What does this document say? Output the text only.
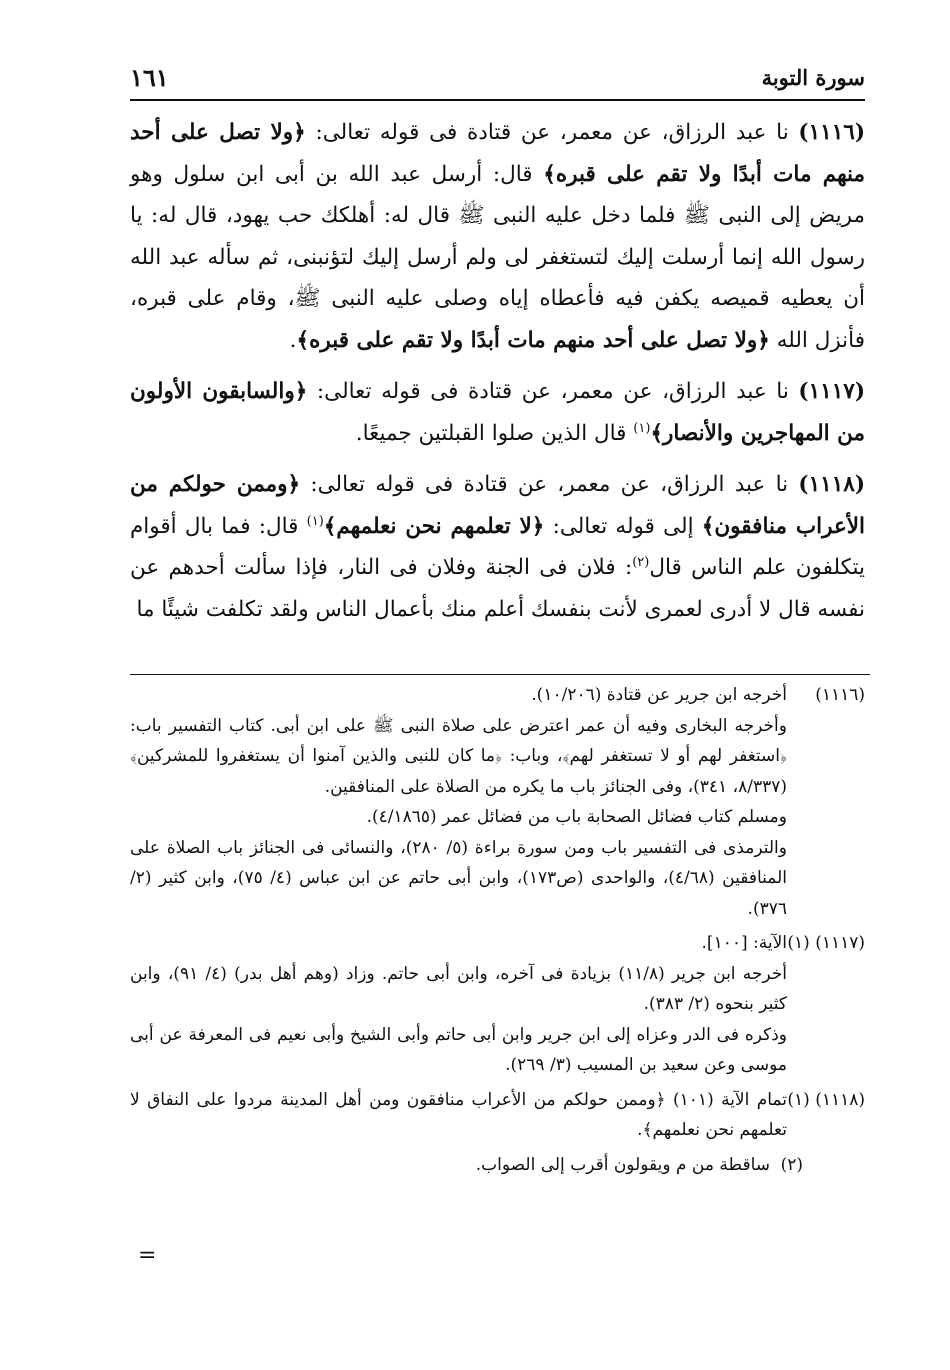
سورة التوبة
١٦١

(١١١٦) نا عبد الرزاق، عن معمر، عن قتادة فى قوله تعالى: ﴿ولا تصل على أحد منهم مات أبدًا ولا تقم على قبره﴾ قال: أرسل عبد الله بن أبى ابن سلول وهو مريض إلى النبى ﷺ فلما دخل عليه النبى ﷺ قال له: أهلكك حب يهود، قال له: يا رسول الله إنما أرسلت إليك لتستغفر لى ولم أرسل إليك لتؤنبنى، ثم سأله عبد الله أن يعطيه قميصه يكفن فيه فأعطاه إياه وصلى عليه النبى ﷺ، وقام على قبره، فأنزل الله ﴿ولا تصل على أحد منهم مات أبدًا ولا تقم على قبره﴾.

(١١١٧) نا عبد الرزاق، عن معمر، عن قتادة فى قوله تعالى: ﴿والسابقون الأولون من المهاجرين والأنصار﴾$^{(١)}$ قال الذين صلوا القبلتين جميعًا.

(١١١٨) نا عبد الرزاق، عن معمر، عن قتادة فى قوله تعالى: ﴿وممن حولكم من الأعراب منافقون﴾ إلى قوله تعالى: ﴿لا تعلمهم نحن نعلمهم﴾$^{(١)}$ قال: فما بال أقوام يتكلفون علم الناس قال$^{(٢)}$: فلان فى الجنة وفلان فى النار، فإذا سألت أحدهم عن نفسه قال لا أدرى لعمرى لأنت بنفسك أعلم منك بأعمال الناس ولقد تكلفت شيئًا ما

(١١١٦)
أخرجه ابن جرير عن قتادة (١٠/٢٠٦).
وأخرجه البخارى وفيه أن عمر اعترض على صلاة النبى ﷺ على ابن أبى. كتاب التفسير باب: ﴿استغفر لهم أو لا تستغفر لهم﴾، وباب: ﴿ما كان للنبى والذين آمنوا أن يستغفروا للمشركين﴾ (٨/٣٣٧، ٣٤١)، وفى الجنائز باب ما يكره من الصلاة على المنافقين.
ومسلم كتاب فضائل الصحابة باب من فضائل عمر (٤/١٨٦٥).
والترمذى فى التفسير باب ومن سورة براءة (٥/ ٢٨٠)، والنسائى فى الجنائز باب الصلاة على المنافقين (٤/٦٨)، والواحدى (ص١٧٣)، وابن أبى حاتم عن ابن عباس (٤/ ٧٥)، وابن كثير (٢/ ٣٧٦).
(١١١٧) (١)
الآية: [١٠٠].
أخرجه ابن جرير (١١/٨) بزيادة فى آخره، وابن أبى حاتم. وزاد (وهم أهل بدر) (٤/ ٩١)، وابن كثير بنحوه (٢/ ٣٨٣).
وذكره فى الدر وعزاه إلى ابن جرير وابن أبى حاتم وأبى الشيخ وأبى نعيم فى المعرفة عن أبى موسى وعن سعيد بن المسيب (٣/ ٢٦٩).
(١١١٨) (١)
تمام الآية (١٠١) ﴿وممن حولكم من الأعراب منافقون ومن أهل المدينة مردوا على النفاق لا تعلمهم نحن نعلمهم﴾.
(٢)
ساقطة من م ويقولون أقرب إلى الصواب.
=
